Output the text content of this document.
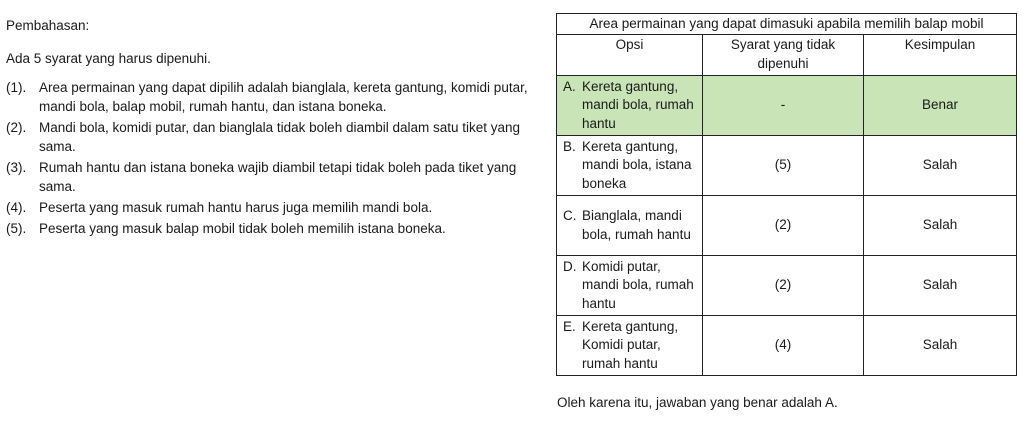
Pembahasan:

Ada 5 syarat yang harus dipenuhi.

(1). Area permainan yang dapat dipilih adalah bianglala, kereta gantung, komidi putar, mandi bola, balap mobil, rumah hantu, dan istana boneka.
(2). Mandi bola, komidi putar, dan bianglala tidak boleh diambil dalam satu tiket yang sama.
(3). Rumah hantu dan istana boneka wajib diambil tetapi tidak boleh pada tiket yang sama.
(4). Peserta yang masuk rumah hantu harus juga memilih mandi bola.
(5). Peserta yang masuk balap mobil tidak boleh memilih istana boneka.
Area permainan yang dapat dimasuki apabila memilih balap mobil		
Opsi	Syarat yang tidak dipenuhi	Kesimpulan

A. Kereta gantung, mandi bola, rumah hantu	-	Benar

B. Kereta gantung, mandi bola, istana boneka	(5)	Salah

C. Bianglala, mandi bola, rumah hantu	(2)	Salah

D. Komidi putar, mandi bola, rumah hantu	(2)	Salah

E. Kereta gantung, Komidi putar, rumah hantu	(4)	Salah

Oleh karena itu, jawaban yang benar adalah A.
